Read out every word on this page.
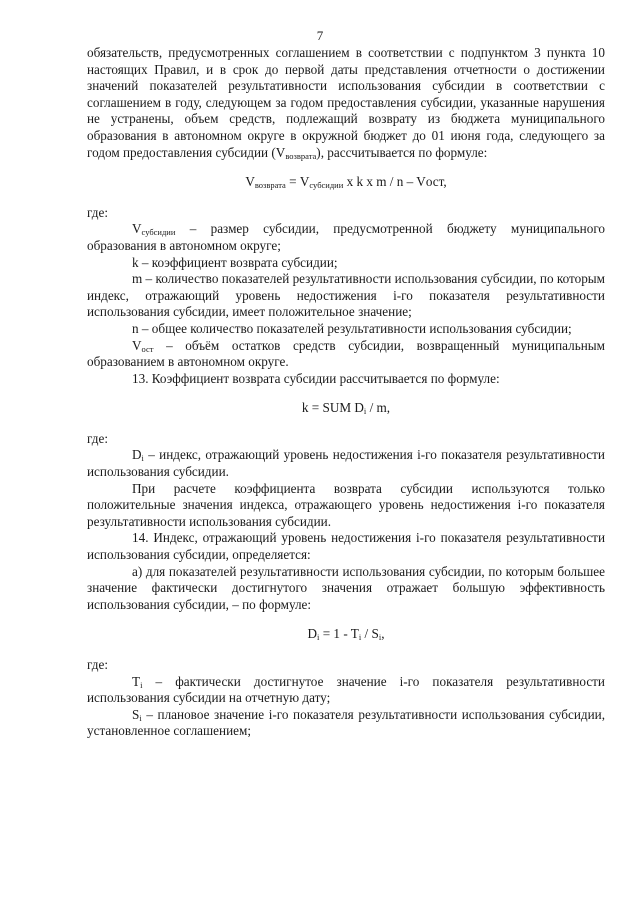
7

обязательств, предусмотренных соглашением в соответствии с подпунктом 3 пункта 10 настоящих Правил, и в срок до первой даты представления отчетности о достижении значений показателей результативности использования субсидии в соответствии с соглашением в году, следующем за годом предоставления субсидии, указанные нарушения не устранены, объем средств, подлежащий возврату из бюджета муниципального образования в автономном округе в окружной бюджет до 01 июня года, следующего за годом предоставления субсидии $(V_{возврата})$, рассчитывается по формуле:

$V_{возврата} = V_{субсидии}$ х k х m / n – Vост,

где:

$V_{субсидии}$ – размер субсидии, предусмотренной бюджету муниципального образования в автономном округе;

k – коэффициент возврата субсидии;

m – количество показателей результативности использования субсидии, по которым индекс, отражающий уровень недостижения i-го показателя результативности использования субсидии, имеет положительное значение;

n – общее количество показателей результативности использования субсидии;

$V_{ост}$ – объём остатков средств субсидии, возвращенный муниципальным образованием в автономном округе.

13. Коэффициент возврата субсидии рассчитывается по формуле:

k = SUM $D_i$ / m,

где:

$D_i$ – индекс, отражающий уровень недостижения i-го показателя результативности использования субсидии.

При расчете коэффициента возврата субсидии используются только положительные значения индекса, отражающего уровень недостижения i-го показателя результативности использования субсидии.

14. Индекс, отражающий уровень недостижения i-го показателя результативности использования субсидии, определяется:

а) для показателей результативности использования субсидии, по которым большее значение фактически достигнутого значения отражает большую эффективность использования субсидии, – по формуле:

$D_i = 1 - T_i / S_i$,

где:

$T_i$ – фактически достигнутое значение i-го показателя результативности использования субсидии на отчетную дату;

$S_i$ – плановое значение i-го показателя результативности использования субсидии, установленное соглашением;
